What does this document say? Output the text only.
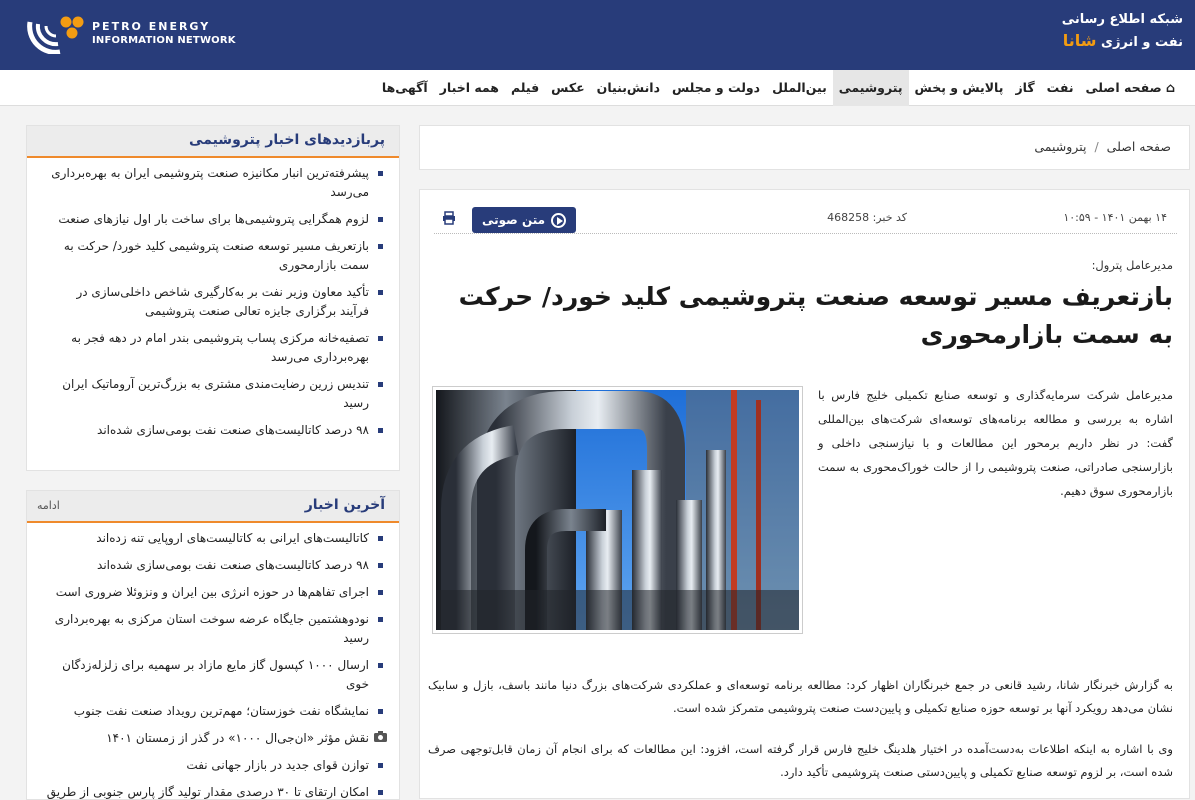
PETRO ENERGY
INFORMATION NETWORK
شبکه اطلاع رسانی
نفت و انرژی شانا
⌂صفحه اصلی
نفت
گاز
پالایش و پخش
پتروشیمی
بین‌الملل
دولت و مجلس
دانش‌بنیان
عکس
فیلم
همه اخبار
آگهی‌ها
صفحه اصلی
/
پتروشیمی
۱۴ بهمن ۱۴۰۱ - ۱۰:۵۹
کد خبر: 468258
متن صوتی
مدیرعامل پترول:
بازتعریف مسیر توسعه صنعت پتروشیمی کلید خورد/ حرکت به سمت بازارمحوری
مدیرعامل شرکت سرمایه‌گذاری و توسعه صنایع تکمیلی خلیج فارس با اشاره به بررسی و مطالعه برنامه‌های توسعه‌ای شرکت‌های بین‌المللی گفت: در نظر داریم برمحور این مطالعات و با نیازسنجی داخلی و بازارسنجی صادراتی، صنعت پتروشیمی را از حالت خوراک‌محوری به سمت بازارمحوری سوق دهیم.

به گزارش خبرنگار شانا، رشید قانعی در جمع خبرنگاران اظهار کرد: مطالعه برنامه توسعه‌ای و عملکردی شرکت‌های بزرگ دنیا مانند باسف، بازل و سابیک نشان می‌دهد رویکرد آنها بر توسعه حوزه صنایع تکمیلی و پایین‌دست صنعت پتروشیمی متمرکز شده است.

وی با اشاره به اینکه اطلاعات به‌دست‌آمده در اختیار هلدینگ خلیج فارس قرار گرفته است، افزود: این مطالعات که برای انجام آن زمان قابل‌توجهی صرف شده است، بر لزوم توسعه صنایع تکمیلی و پایین‌دستی صنعت پتروشیمی تأکید دارد.

پربازدیدهای اخبار پتروشیمی
پیشرفته‌ترین انبار مکانیزه صنعت پتروشیمی ایران به بهره‌برداری می‌رسد
لزوم همگرایی پتروشیمی‌ها برای ساخت بار اول نیازهای صنعت
بازتعریف مسیر توسعه صنعت پتروشیمی کلید خورد/ حرکت به سمت بازارمحوری
تأکید معاون وزیر نفت بر به‌کارگیری شاخص داخلی‌سازی در فرآیند برگزاری جایزه تعالی صنعت پتروشیمی
تصفیه‌خانه مرکزی پساب پتروشیمی بندر امام در دهه فجر به بهره‌برداری می‌رسد
تندیس زرین رضایت‌مندی مشتری به بزرگ‌ترین آروماتیک ایران رسید
۹۸ درصد کاتالیست‌های صنعت نفت بومی‌سازی شده‌اند
آخرین اخبار
ادامه
کاتالیست‌های ایرانی به کاتالیست‌های اروپایی تنه زده‌اند
۹۸ درصد کاتالیست‌های صنعت نفت بومی‌سازی شده‌اند
اجرای تفاهم‌ها در حوزه انرژی بین ایران و ونزوئلا ضروری است
نودوهشتمین جایگاه عرضه سوخت استان مرکزی به بهره‌برداری رسید
ارسال ۱۰۰۰ کپسول گاز مایع مازاد بر سهمیه برای زلزله‌زدگان خوی
نمایشگاه نفت خوزستان؛ مهم‌ترین رویداد صنعت نفت جنوب
نقش مؤثر «ان‌جی‌ال ۱۰۰۰» در گذر از زمستان ۱۴۰۱
توازن قوای جدید در بازار جهانی نفت
امکان ارتقای تا ۳۰ درصدی مقدار تولید گاز پارس جنوبی از طریق
